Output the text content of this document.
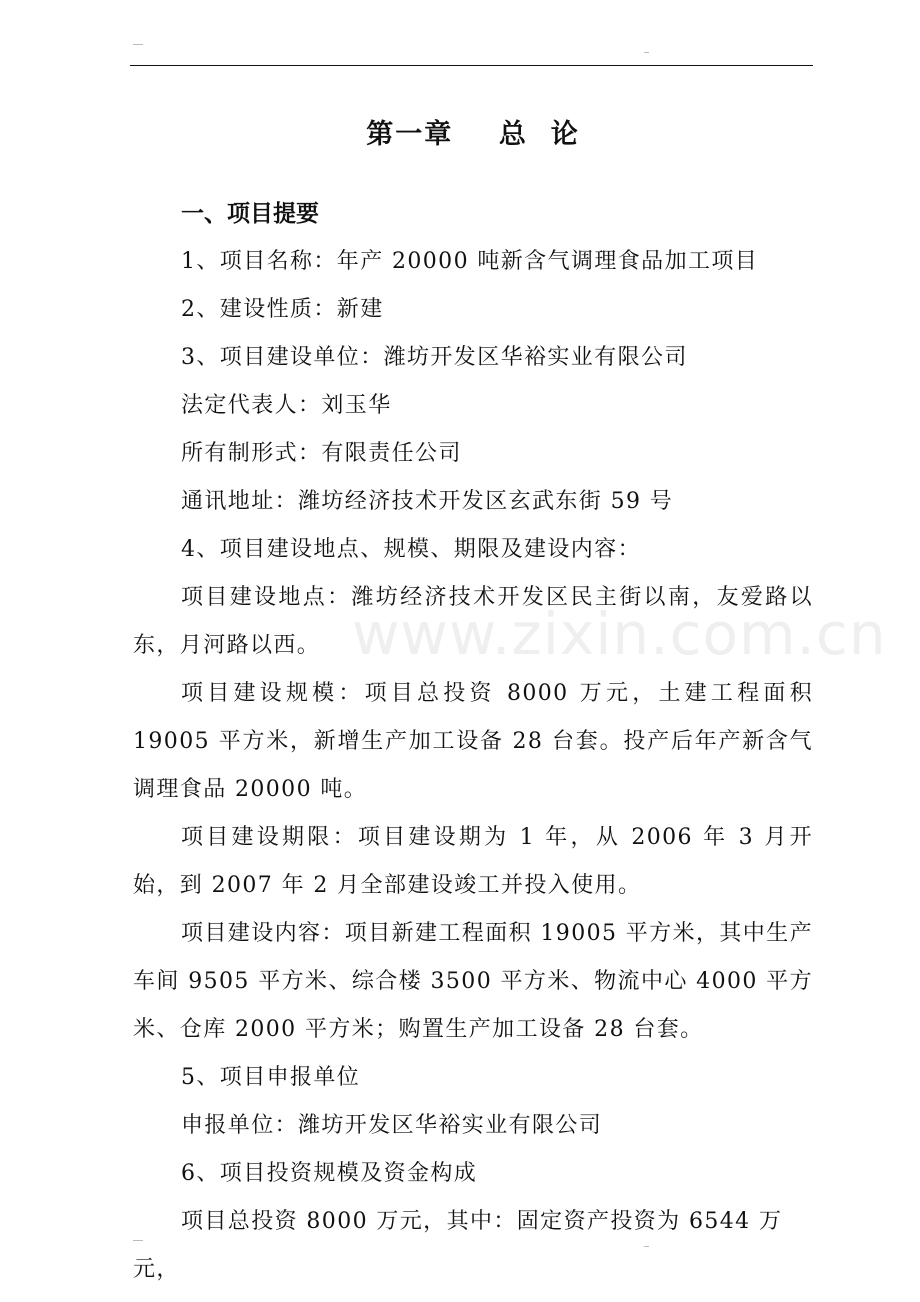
第一章    总  论
一、项目提要

1、项目名称：年产 20000 吨新含气调理食品加工项目

2、建设性质：新建

3、项目建设单位：潍坊开发区华裕实业有限公司

法定代表人：刘玉华

所有制形式：有限责任公司

通讯地址：潍坊经济技术开发区玄武东街 59 号

4、项目建设地点、规模、期限及建设内容：

项目建设地点：潍坊经济技术开发区民主街以南，友爱路以东，月河路以西。

项目建设规模：项目总投资 8000 万元，土建工程面积 19005 平方米，新增生产加工设备 28 台套。投产后年产新含气调理食品 20000 吨。

项目建设期限：项目建设期为 1 年，从 2006 年 3 月开始，到 2007 年 2 月全部建设竣工并投入使用。

项目建设内容：项目新建工程面积 19005 平方米，其中生产车间 9505 平方米、综合楼 3500 平方米、物流中心 4000 平方米、仓库 2000 平方米；购置生产加工设备 28 台套。

5、项目申报单位

申报单位：潍坊开发区华裕实业有限公司

6、项目投资规模及资金构成

项目总投资 8000 万元，其中：固定资产投资为 6544 万元，

www.zixin.com.cn
